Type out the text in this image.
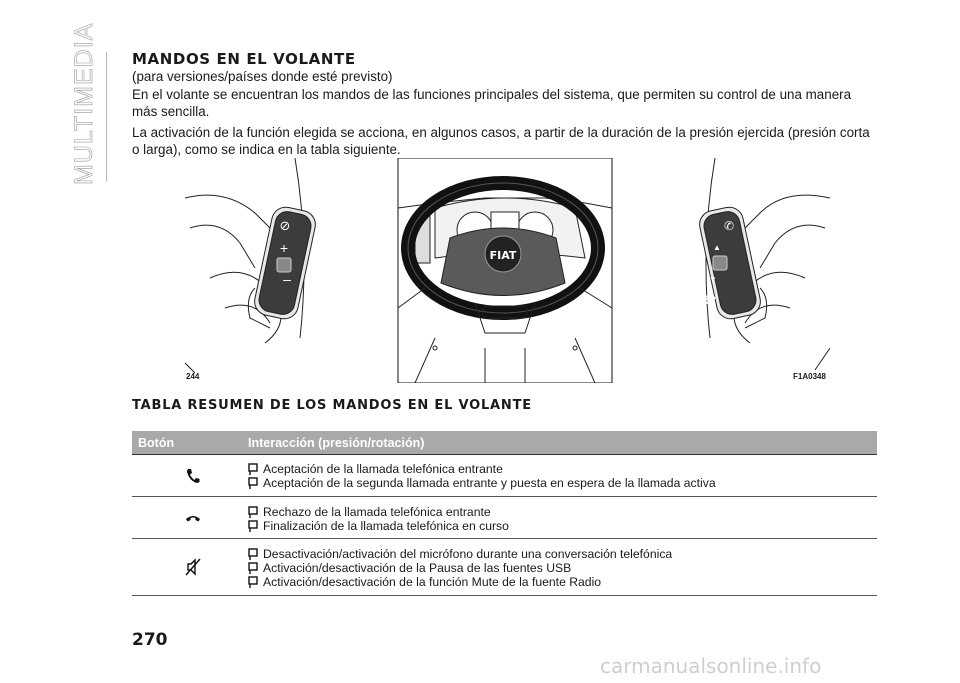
MULTIMEDIA MANDOS EN EL VOLANTE

(para versiones/países donde esté previsto)

En el volante se encuentran los mandos de las funciones principales del sistema, que permiten su control de una manera más sencilla.

La activación de la función elegida se acciona, en algunos casos, a partir de la duración de la presión ejercida (presión corta o larga), como se indica en la tabla siguiente.

⊘
+
–
FIAT
✆
▲
▼
☎
244	F1A0348
TABLA RESUMEN DE LOS MANDOS EN EL VOLANTE
Botón	Interacción (presión/rotación)

Aceptación de la llamada telefónica entrante

Aceptación de la segunda llamada entrante y puesta en espera de la llamada activa

Rechazo de la llamada telefónica entrante

Finalización de la llamada telefónica en curso

Desactivación/activación del micrófono durante una conversación telefónica

Activación/desactivación de la Pausa de las fuentes USB

Activación/desactivación de la función Mute de la fuente Radio

270

carmanualsonline.info
